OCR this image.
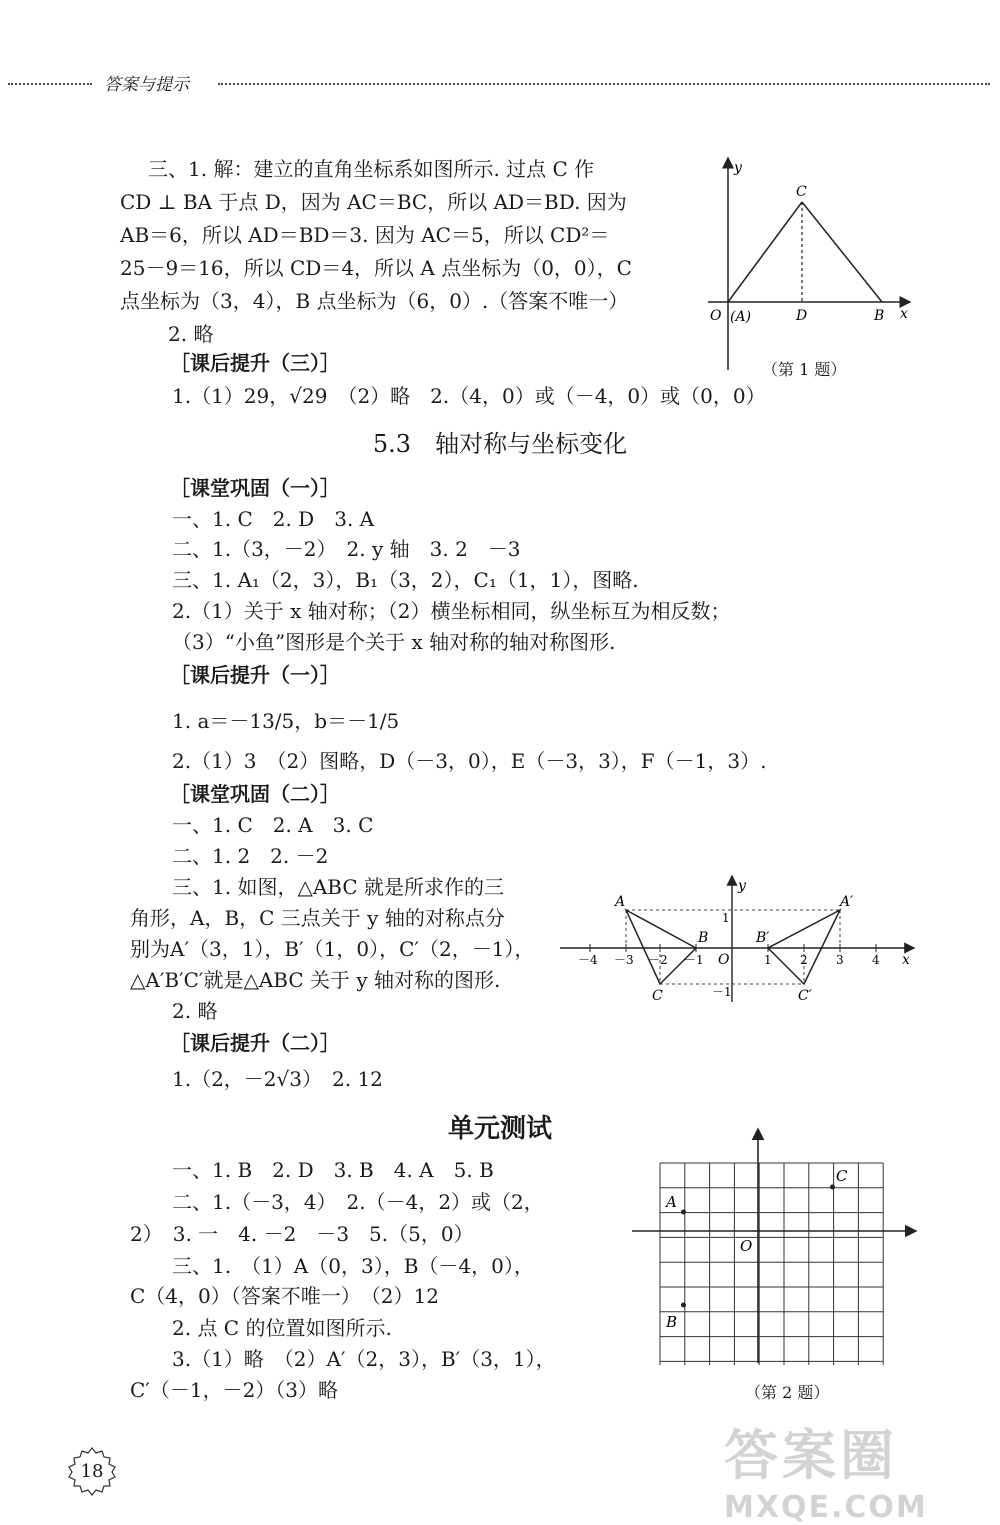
答案与提示
三、1. 解：建立的直角坐标系如图所示. 过点 C 作
CD ⊥ BA 于点 D，因为 AC＝BC，所以 AD＝BD. 因为
AB＝6，所以 AD＝BD＝3. 因为 AC＝5，所以 CD²＝
25－9＝16，所以 CD＝4，所以 A 点坐标为（0，0），C
点坐标为（3，4），B 点坐标为（6，0）.（答案不唯一）
2. 略
［课后提升（三）］
1.（1）29，√29　（2）略　2.（4，0）或（－4，0）或（0，0）
y
x
O (A)	D	B
C
（第 1 题）
5.3　轴对称与坐标变化
［课堂巩固（一）］
一、1. C　2. D　3. A
二、1.（3，－2）　2. y 轴　3. 2　－3
三、1. A₁（2，3），B₁（3，2），C₁（1，1），图略.
2.（1）关于 x 轴对称；（2）横坐标相同，纵坐标互为相反数；
（3）“小鱼”图形是个关于 x 轴对称的轴对称图形.
［课后提升（一）］
1. a＝－13/5，b＝－1/5
2.（1）3　（2）图略，D（－3，0），E（－3，3），F（－1，3）.
［课堂巩固（二）］
一、1. C　2. A　3. C
二、1. 2　2. －2
三、1. 如图，△ABC 就是所求作的三
角形，A，B，C 三点关于 y 轴的对称点分
别为A′（3，1），B′（1，0），C′（2，－1），
△A′B′C′就是△ABC 关于 y 轴对称的图形.
2. 略
［课后提升（二）］
1.（2，－2√3）　2. 12
y
x
O
A
B
C
A′
B′
C′
－4 －3 －2 －1	1 2 3 4
1
－1
单元测试
一、1. B　2. D　3. B　4. A　5. B
二、1.（－3，4）　2.（－4，2）或（2，
2）　3. 一　4. －2　－3　5.（5，0）
三、1.　（1）A（0，3），B（－4，0），
C（4，0）（答案不唯一）　（2）12
2. 点 C 的位置如图所示.
3.（1）略　（2）A′（2，3），B′（3，1），
C′（－1，－2）（3）略
O
A
B
C
（第 2 题）
18	答案圈
MXQE.COM
